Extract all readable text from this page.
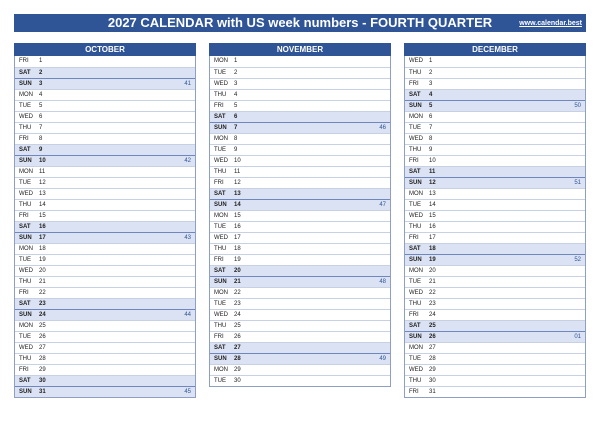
2027 CALENDAR with US week numbers - FOURTH QUARTER	www.calendar.best
OCTOBER
FRI	1
SAT	2
SUN	3	41
MON	4
TUE	5
WED	6
THU	7
FRI	8
SAT	9
SUN	10	42
MON	11
TUE	12
WED	13
THU	14
FRI	15
SAT	16
SUN	17	43
MON	18
TUE	19
WED	20
THU	21
FRI	22
SAT	23
SUN	24	44
MON	25
TUE	26
WED	27
THU	28
FRI	29
SAT	30
SUN	31	45
NOVEMBER
MON	1
TUE	2
WED	3
THU	4
FRI	5
SAT	6
SUN	7	46
MON	8
TUE	9
WED	10
THU	11
FRI	12
SAT	13
SUN	14	47
MON	15
TUE	16
WED	17
THU	18
FRI	19
SAT	20
SUN	21	48
MON	22
TUE	23
WED	24
THU	25
FRI	26
SAT	27
SUN	28	49
MON	29
TUE	30
DECEMBER
WED	1
THU	2
FRI	3
SAT	4
SUN	5	50
MON	6
TUE	7
WED	8
THU	9
FRI	10
SAT	11
SUN	12	51
MON	13
TUE	14
WED	15
THU	16
FRI	17
SAT	18
SUN	19	52
MON	20
TUE	21
WED	22
THU	23
FRI	24
SAT	25
SUN	26	01
MON	27
TUE	28
WED	29
THU	30
FRI	31
